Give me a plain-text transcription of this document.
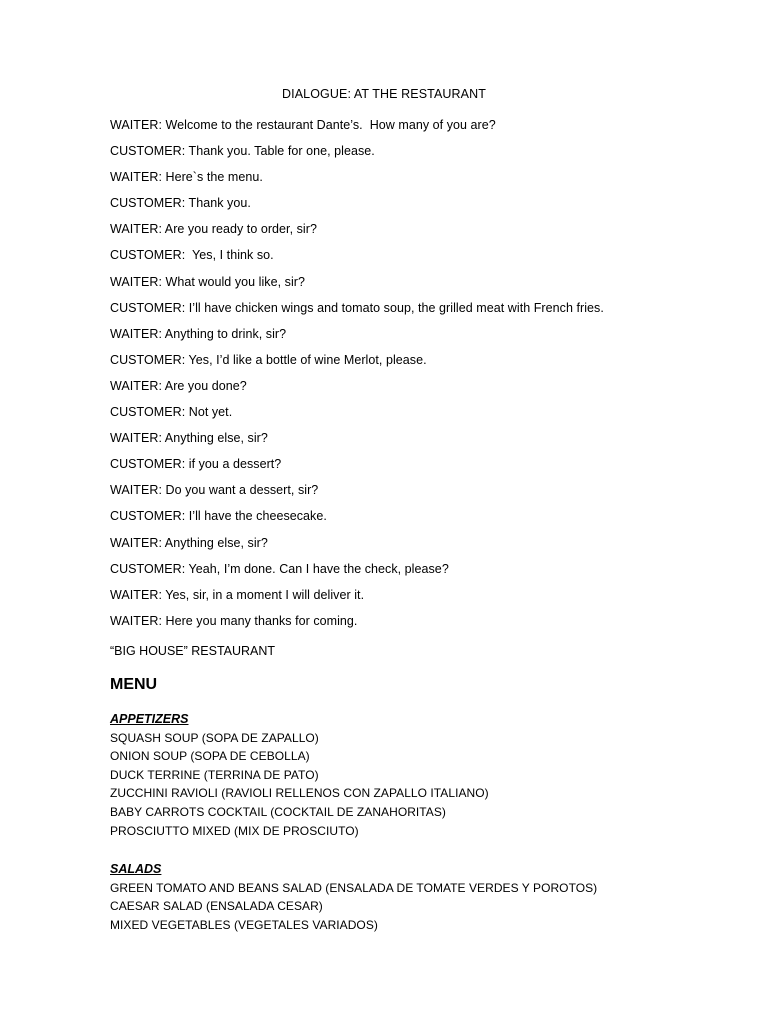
DIALOGUE: AT THE RESTAURANT
WAITER: Welcome to the restaurant Dante’s.  How many of you are?
CUSTOMER: Thank you. Table for one, please.
WAITER: Here`s the menu.
CUSTOMER: Thank you.
WAITER: Are you ready to order, sir?
CUSTOMER:  Yes, I think so.
WAITER: What would you like, sir?
CUSTOMER: I’ll have chicken wings and tomato soup, the grilled meat with French fries.
WAITER: Anything to drink, sir?
CUSTOMER: Yes, I’d like a bottle of wine Merlot, please.
WAITER: Are you done?
CUSTOMER: Not yet.
WAITER: Anything else, sir?
CUSTOMER: if you a dessert?
WAITER: Do you want a dessert, sir?
CUSTOMER: I’ll have the cheesecake.
WAITER: Anything else, sir?
CUSTOMER: Yeah, I’m done. Can I have the check, please?
WAITER: Yes, sir, in a moment I will deliver it.
WAITER: Here you many thanks for coming.
“BIG HOUSE” RESTAURANT
MENU
APPETIZERS
SQUASH SOUP (SOPA DE ZAPALLO)
ONION SOUP (SOPA DE CEBOLLA)
DUCK TERRINE (TERRINA DE PATO)
ZUCCHINI RAVIOLI (RAVIOLI RELLENOS CON ZAPALLO ITALIANO)
BABY CARROTS COCKTAIL (COCKTAIL DE ZANAHORITAS)
PROSCIUTTO MIXED (MIX DE PROSCIUTO)
SALADS
GREEN TOMATO AND BEANS SALAD (ENSALADA DE TOMATE VERDES Y POROTOS)
CAESAR SALAD (ENSALADA CESAR)
MIXED VEGETABLES (VEGETALES VARIADOS)
